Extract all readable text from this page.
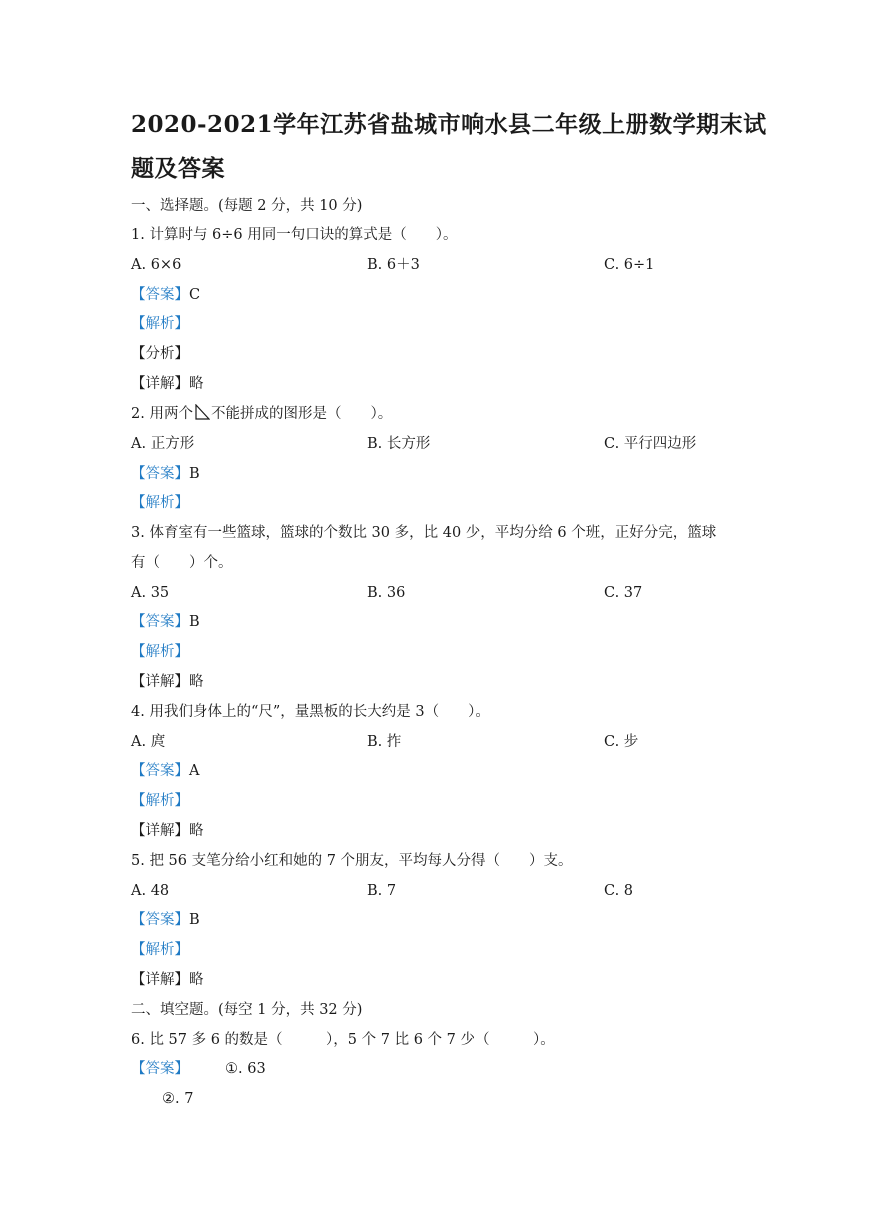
2020-2021学年江苏省盐城市响水县二年级上册数学期末试
题及答案
一、选择题。(每题 2 分，共 10 分)
1. 计算时与 6÷6 用同一句口诀的算式是（　　）。
A. 6×6	B. 6＋3	C. 6÷1
【答案】C
【解析】
【分析】
【详解】略
2. 用两个 不能拼成的图形是（　　）。
A. 正方形	B. 长方形	C. 平行四边形
【答案】B
【解析】
3. 体育室有一些篮球，篮球的个数比 30 多，比 40 少，平均分给 6 个班，正好分完，篮球
有（　　）个。
A. 35	B. 36	C. 37
【答案】B
【解析】
【详解】略
4. 用我们身体上的“尺”，量黑板的长大约是 3（　　）。
A. 庹	B. 拃	C. 步
【答案】A
【解析】
【详解】略
5. 把 56 支笔分给小红和她的 7 个朋友，平均每人分得（　　）支。
A. 48	B. 7	C. 8
【答案】B
【解析】
【详解】略
二、填空题。(每空 1 分，共 32 分)
6. 比 57 多 6 的数是（　　　），5 个 7 比 6 个 7 少（　　　）。
【答案】 ①. 63
②. 7
